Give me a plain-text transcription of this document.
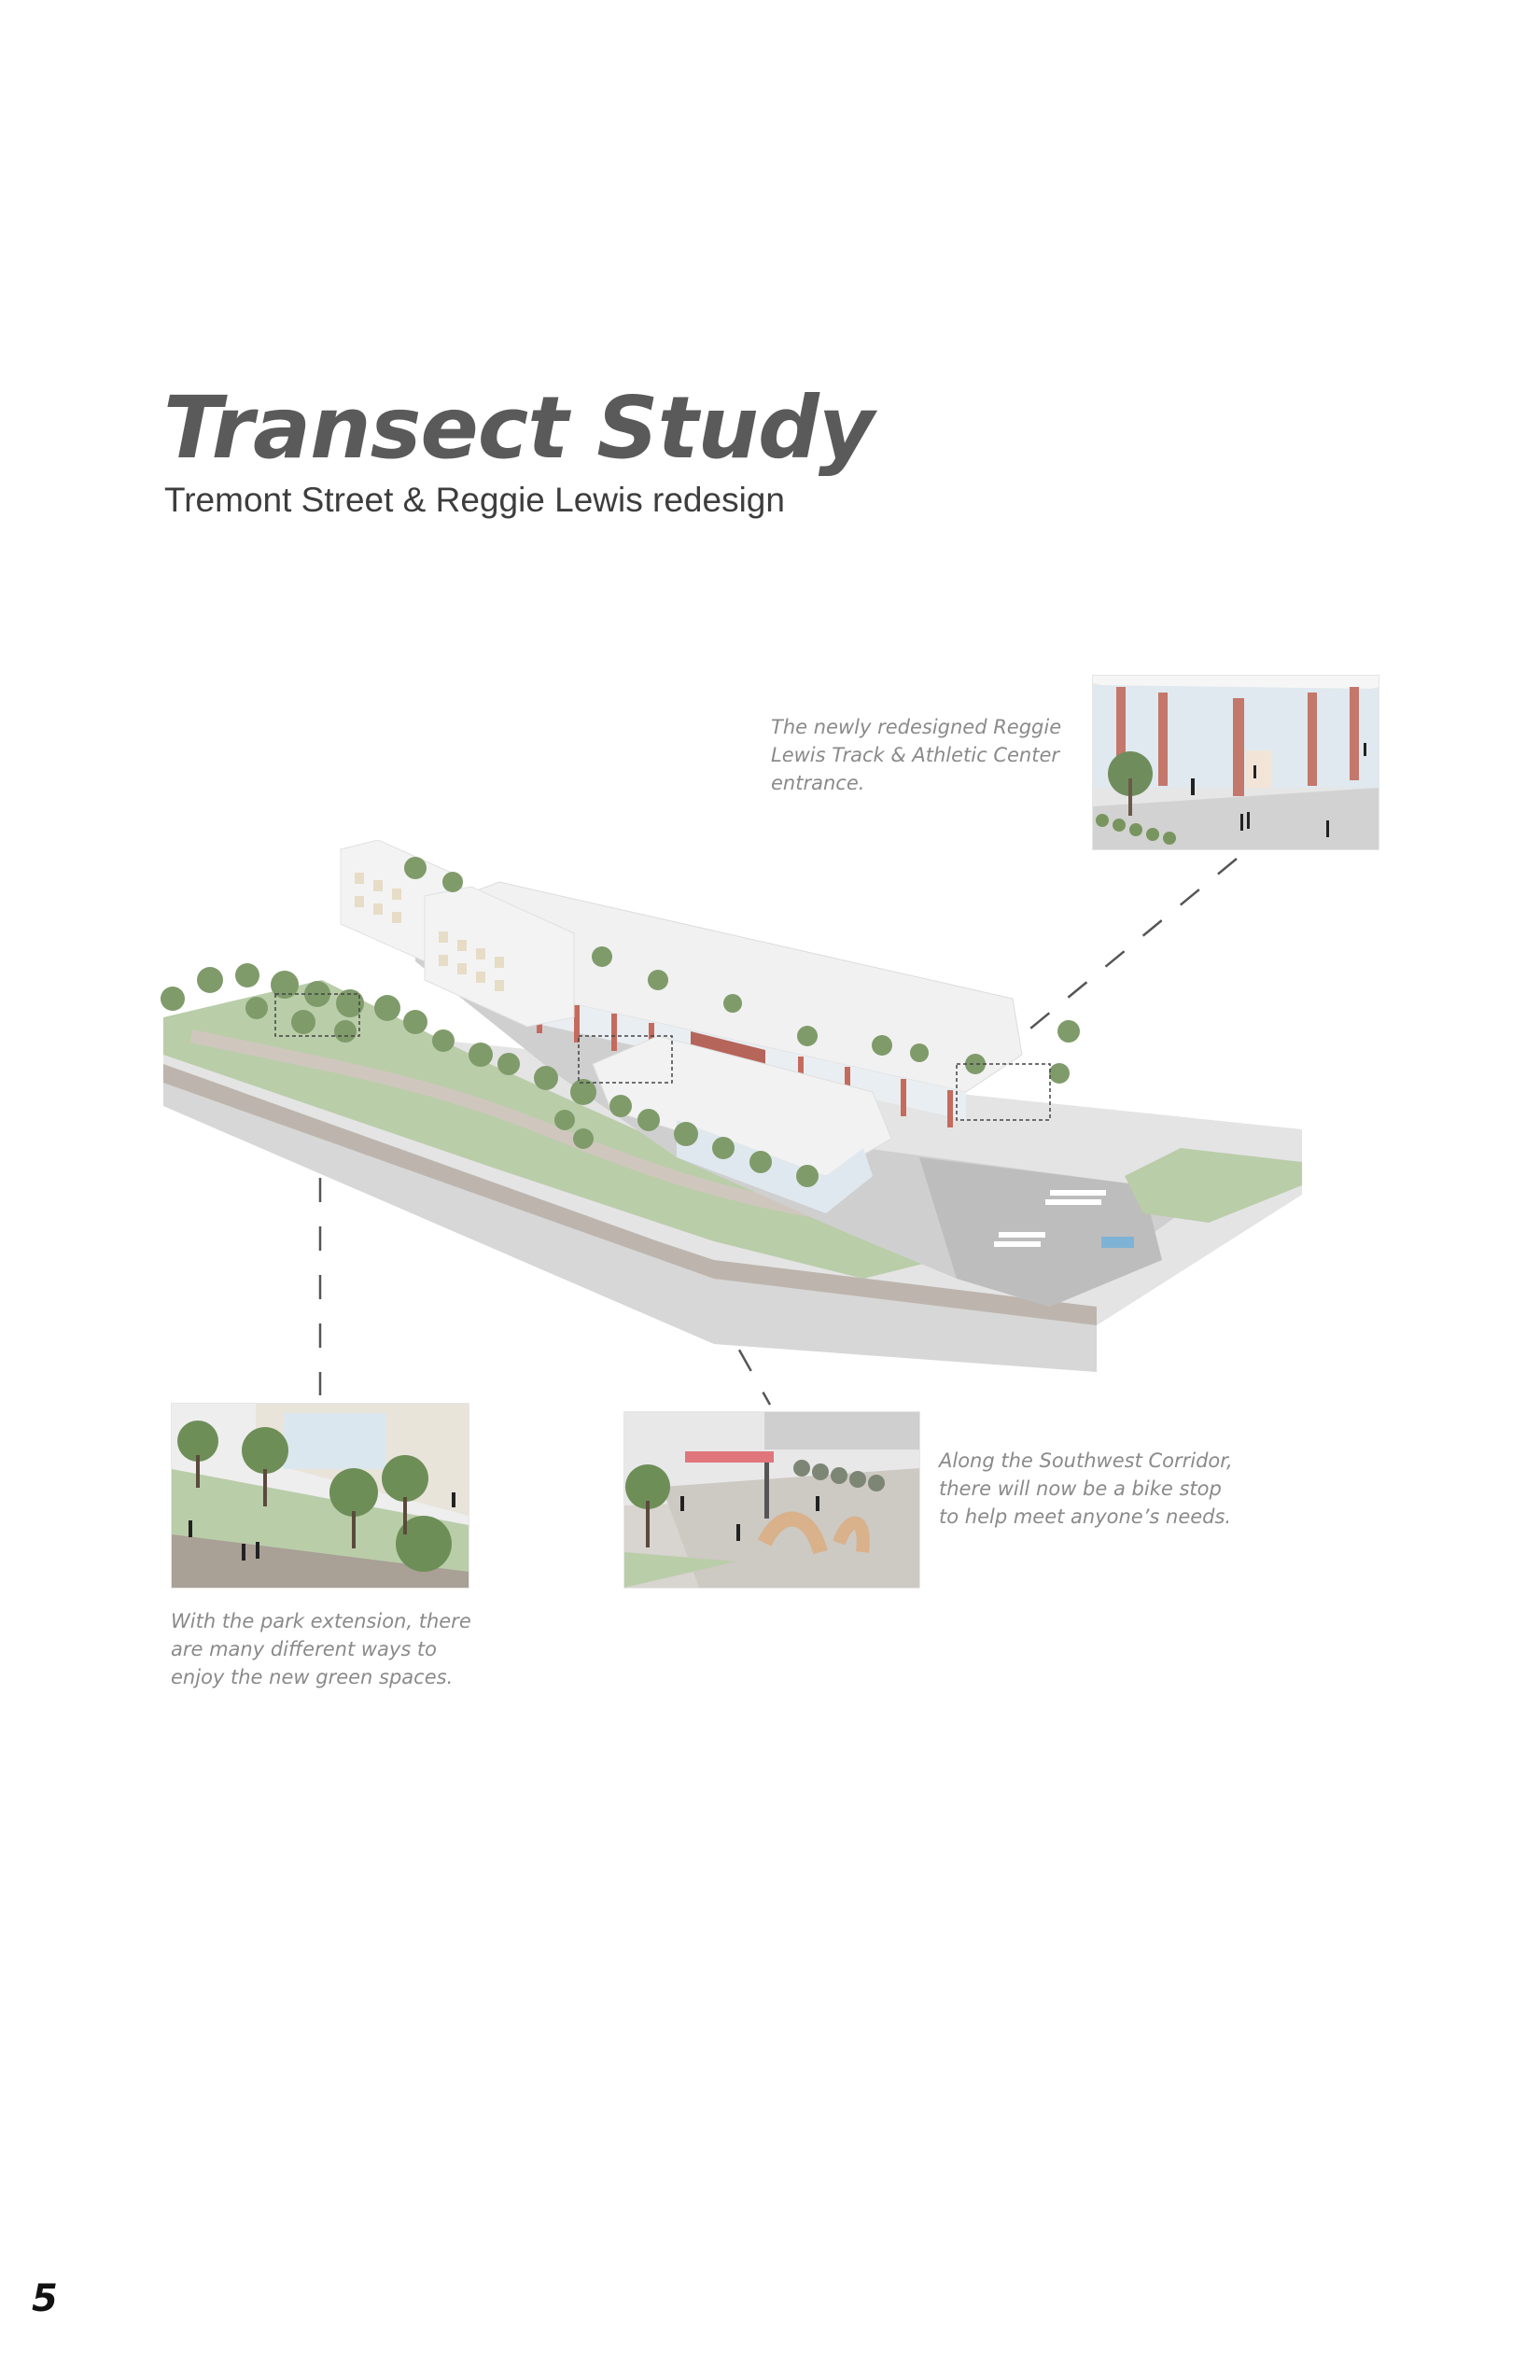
Transect Study
Tremont Street & Reggie Lewis redesign
The newly redesigned Reggie Lewis Track & Athletic Center entrance.
Along the Southwest Corridor, there will now be a bike stop to help meet anyone’s needs.
With the park extension, there are many different ways to enjoy the new green spaces.
5
